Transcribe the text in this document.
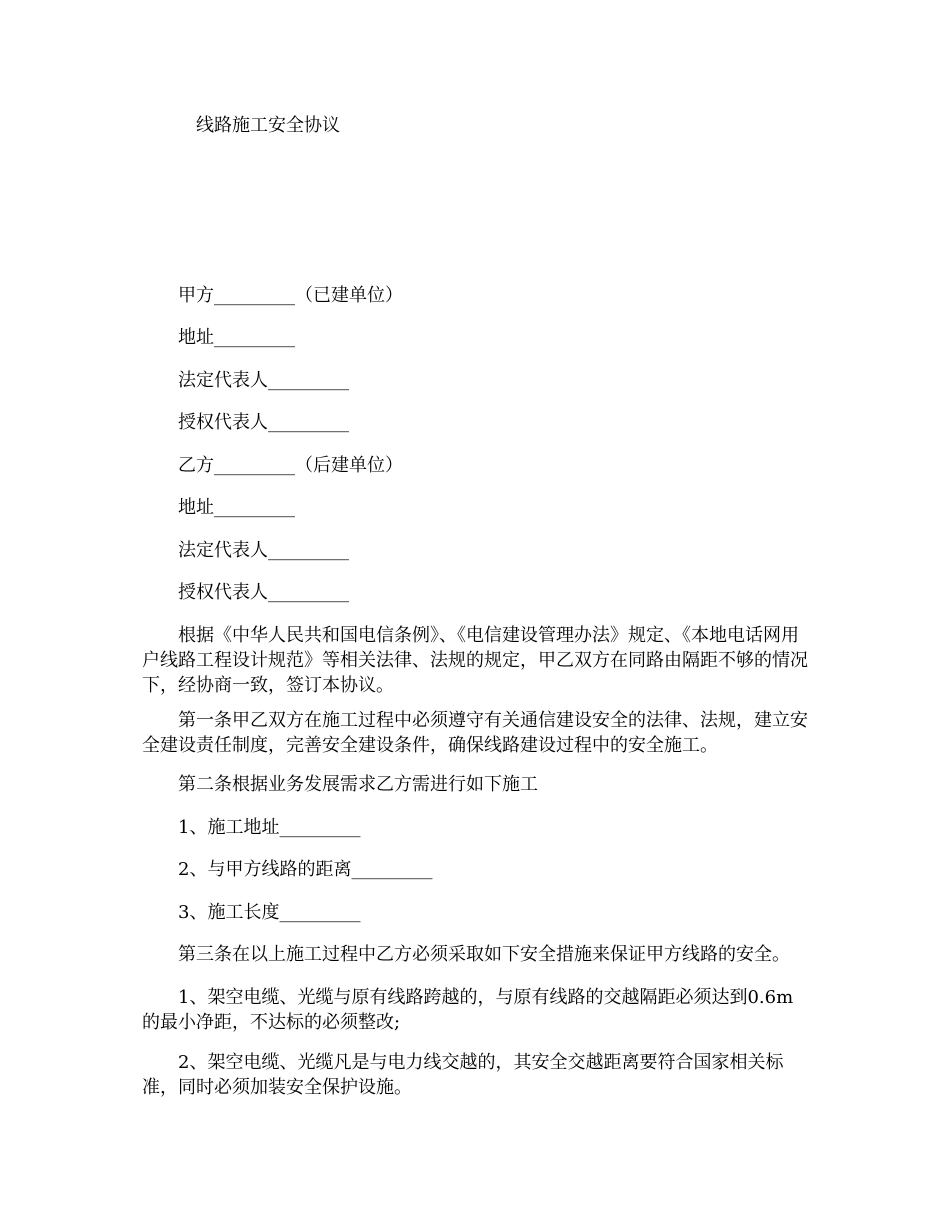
线路施工安全协议
甲方_________（已建单位）
地址_________
法定代表人_________
授权代表人_________
乙方_________（后建单位）
地址_________
法定代表人_________
授权代表人_________
根据《中华人民共和国电信条例》、《电信建设管理办法》规定、《本地电话网用户线路工程设计规范》等相关法律、法规的规定，甲乙双方在同路由隔距不够的情况下，经协商一致，签订本协议。
第一条甲乙双方在施工过程中必须遵守有关通信建设安全的法律、法规，建立安全建设责任制度，完善安全建设条件，确保线路建设过程中的安全施工。
第二条根据业务发展需求乙方需进行如下施工
1、施工地址_________
2、与甲方线路的距离_________
3、施工长度_________
第三条在以上施工过程中乙方必须采取如下安全措施来保证甲方线路的安全。
1、架空电缆、光缆与原有线路跨越的，与原有线路的交越隔距必须达到0.6m的最小净距，不达标的必须整改;
2、架空电缆、光缆凡是与电力线交越的，其安全交越距离要符合国家相关标准，同时必须加装安全保护设施。
